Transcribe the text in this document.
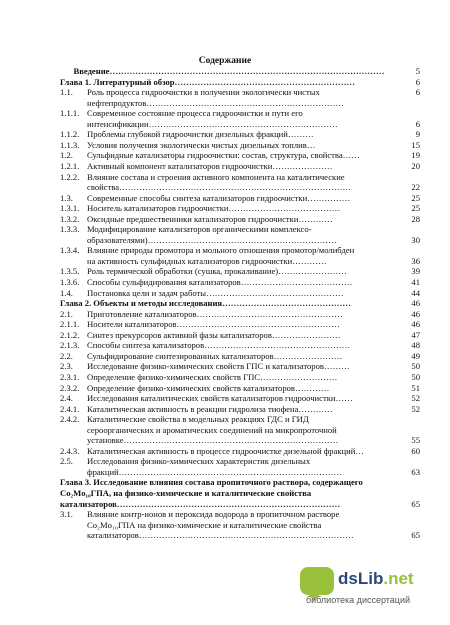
Содержание
Введение……………………………………………………………………………………	5
Глава 1. Литературный обзор………………………………………………………	6
1.1. Роль процесса гидроочистки в получении экологически чистых	6
нефтепродуктов……………………………………………………………
1.1.1. Современное состояние процесса гидроочистки и пути его
интенсификации…………………………………………………………	6
1.1.2. Проблемы глубокой гидроочистки дизельных фракций………	9
1.1.3. Условия получения экологически чистых дизельных топлив…	15
1.2. Сульфидные катализаторы гидроочистки: состав, структура, свойства……	19
1.2.1. Активный компонент катализаторов гидроочистки…………………	20
1.2.2. Влияние состава и строения активного компонента на каталитические
свойства………………………………………………………………………	22
1.3. Современные способы синтеза катализаторов гидроочистки……………	25
1.3.1. Носитель катализаторов гидроочистки…………………………………	25
1.3.2. Оксидные предшественники катализаторов гидроочистки…………	28
1.3.3. Модифицирование катализаторов органическими комплексо-
образователями)…………………………………………………………	30
1.3.4. Влияние природы промотора и мольного отношения промотор/молибден
на активность сульфидных катализаторов гидроочистки…………	36
1.3.5. Роль термической обработки (сушка, прокаливание)……………………	39
1.3.6. Способы сульфидирования катализаторов…………………………………	41
1.4. Постановка цели и задач работы…………………………………………	44
Глава 2. Объекты и методы исследования………………………………………	46
2.1. Приготовление катализаторов……………………………………………	46
2.1.1. Носители катализаторов…………………………………………………	46
2.1.2. Синтез прекурсоров активной фазы катализаторов……………………	47
2.1.3. Способы синтеза катализаторов……………………………………………	48
2.2. Сульфидирование синтезированных катализаторов……………………	49
2.3. Исследование физико-химических свойств ГПС и катализаторов………	50
2.3.1. Определение физико-химических свойств ГПС………………………	50
2.3.2. Определение физико-химических свойств катализаторов…………	51
2.4. Исследования каталитических свойств катализаторов гидроочистки……	52
2.4.1. Каталитическая активность в реакции гидролиза тиофена…………	52
2.4.2. Каталитические свойства в модельных реакциях ГДС и ГИД
сероорганических и ароматических соединений на микропроточной
установке…………………………………………………………………	55
2.4.3. Каталитическая активность в процессе гидроочистке дизельной фракций…	60
2.5. Исследования физико-химических характеристик дизельных
фракций……………………………………………………………………	63
Глава 3. Исследование влияния состава пропиточного раствора, содержащего
Co₂Mo₁₀ГПА, на физико-химические и каталитические свойства
катализаторов……………………………………………………………………	65
3.1. Влияние контр-ионов и пероксида водорода в пропиточном растворе
Co₂Mo₁₀ГПА на физико-химические и каталитические свойства
катализаторов…………………………………………………………………	65
dsLib.net
библиотека диссертаций
